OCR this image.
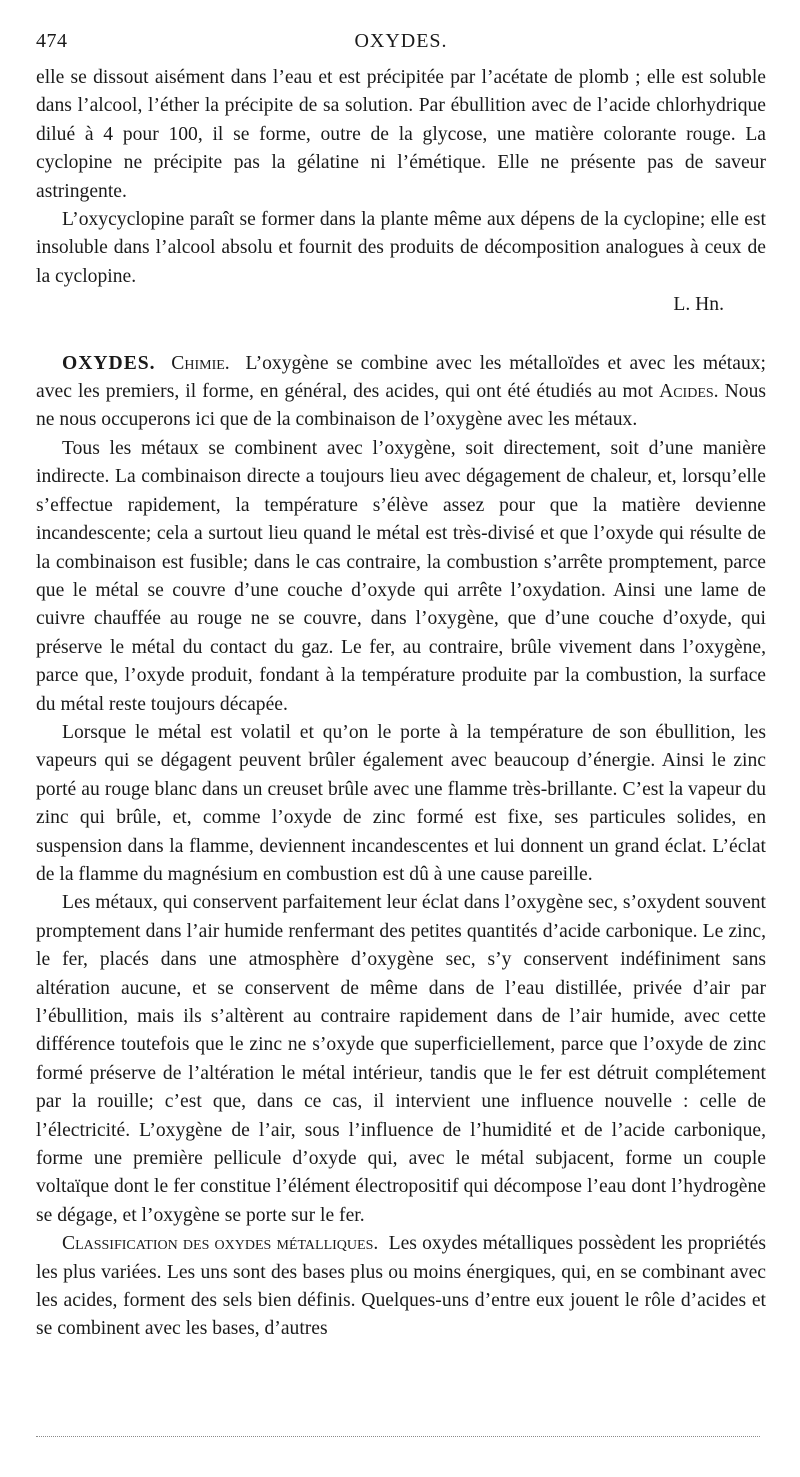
474	OXYDES.

elle se dissout aisément dans l’eau et est précipitée par l’acétate de plomb ; elle est soluble dans l’alcool, l’éther la précipite de sa solution. Par ébullition avec de l’acide chlorhydrique dilué à 4 pour 100, il se forme, outre de la glycose, une matière colorante rouge. La cyclopine ne précipite pas la gélatine ni l’émétique. Elle ne présente pas de saveur astringente.

L’oxycyclopine paraît se former dans la plante même aux dépens de la cyclopine; elle est insoluble dans l’alcool absolu et fournit des produits de décomposition analogues à ceux de la cyclopine.
L. Hn.

OXYDES. Chimie. L’oxygène se combine avec les métalloïdes et avec les métaux; avec les premiers, il forme, en général, des acides, qui ont été étudiés au mot Acides. Nous ne nous occuperons ici que de la combinaison de l’oxygène avec les métaux.

Tous les métaux se combinent avec l’oxygène, soit directement, soit d’une manière indirecte. La combinaison directe a toujours lieu avec dégagement de chaleur, et, lorsqu’elle s’effectue rapidement, la température s’élève assez pour que la matière devienne incandescente; cela a surtout lieu quand le métal est très-divisé et que l’oxyde qui résulte de la combinaison est fusible; dans le cas contraire, la combustion s’arrête promptement, parce que le métal se couvre d’une couche d’oxyde qui arrête l’oxydation. Ainsi une lame de cuivre chauffée au rouge ne se couvre, dans l’oxygène, que d’une couche d’oxyde, qui préserve le métal du contact du gaz. Le fer, au contraire, brûle vivement dans l’oxygène, parce que, l’oxyde produit, fondant à la température produite par la combustion, la surface du métal reste toujours décapée.

Lorsque le métal est volatil et qu’on le porte à la température de son ébullition, les vapeurs qui se dégagent peuvent brûler également avec beaucoup d’énergie. Ainsi le zinc porté au rouge blanc dans un creuset brûle avec une flamme très-brillante. C’est la vapeur du zinc qui brûle, et, comme l’oxyde de zinc formé est fixe, ses particules solides, en suspension dans la flamme, deviennent incandescentes et lui donnent un grand éclat. L’éclat de la flamme du magnésium en combustion est dû à une cause pareille.

Les métaux, qui conservent parfaitement leur éclat dans l’oxygène sec, s’oxydent souvent promptement dans l’air humide renfermant des petites quantités d’acide carbonique. Le zinc, le fer, placés dans une atmosphère d’oxygène sec, s’y conservent indéfiniment sans altération aucune, et se conservent de même dans de l’eau distillée, privée d’air par l’ébullition, mais ils s’altèrent au contraire rapidement dans de l’air humide, avec cette différence toutefois que le zinc ne s’oxyde que superficiellement, parce que l’oxyde de zinc formé préserve de l’altération le métal intérieur, tandis que le fer est détruit complétement par la rouille; c’est que, dans ce cas, il intervient une influence nouvelle : celle de l’électricité. L’oxygène de l’air, sous l’influence de l’humidité et de l’acide carbonique, forme une première pellicule d’oxyde qui, avec le métal subjacent, forme un couple voltaïque dont le fer constitue l’élément électropositif qui décompose l’eau dont l’hydrogène se dégage, et l’oxygène se porte sur le fer.

Classification des oxydes métalliques. Les oxydes métalliques possèdent les propriétés les plus variées. Les uns sont des bases plus ou moins énergiques, qui, en se combinant avec les acides, forment des sels bien définis. Quelques-uns d’entre eux jouent le rôle d’acides et se combinent avec les bases, d’autres
